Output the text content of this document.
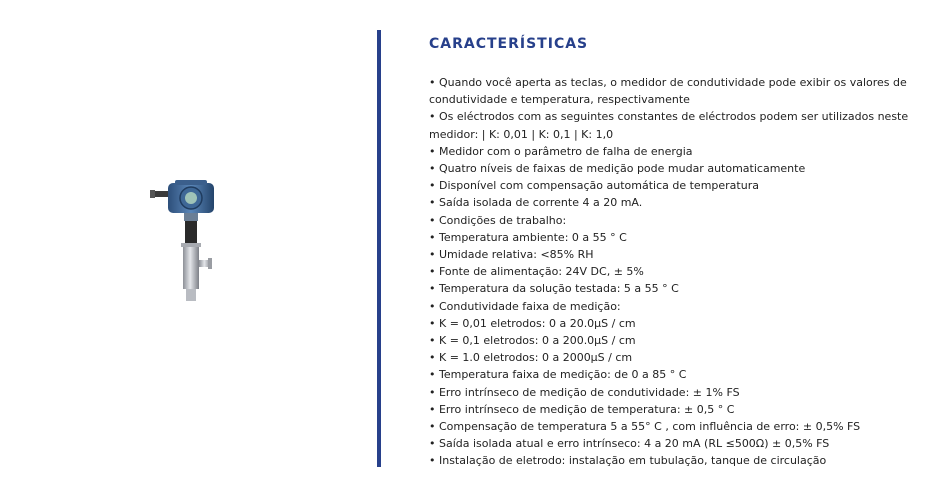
CARACTERÍSTICAS
• Quando você aperta as teclas, o medidor de condutividade pode exibir os valores de condutividade e temperatura, respectivamente
• Os eléctrodos com as seguintes constantes de eléctrodos podem ser utilizados neste medidor: | K: 0,01 | K: 0,1 | K: 1,0
• Medidor com o parâmetro de falha de energia
• Quatro níveis de faixas de medição pode mudar automaticamente
• Disponível com compensação automática de temperatura
• Saída isolada de corrente 4 a 20 mA.
• Condições de trabalho:
• Temperatura ambiente: 0 a 55 ° C
• Umidade relativa: <85% RH
• Fonte de alimentação: 24V DC, ± 5%
• Temperatura da solução testada: 5 a 55 ° C
• Condutividade faixa de medição:
• K = 0,01 eletrodos: 0 a 20.0μS / cm
• K = 0,1 eletrodos: 0 a 200.0μS / cm
• K = 1.0 eletrodos: 0 a 2000μS / cm
• Temperatura faixa de medição: de 0 a 85 ° C
• Erro intrínseco de medição de condutividade: ± 1% FS
• Erro intrínseco de medição de temperatura: ± 0,5 ° C
• Compensação de temperatura 5 a 55° C , com influência de erro: ± 0,5% FS
• Saída isolada atual e erro intrínseco: 4 a 20 mA (RL ≤500Ω) ± 0,5% FS
• Instalação de eletrodo: instalação em tubulação, tanque de circulação
